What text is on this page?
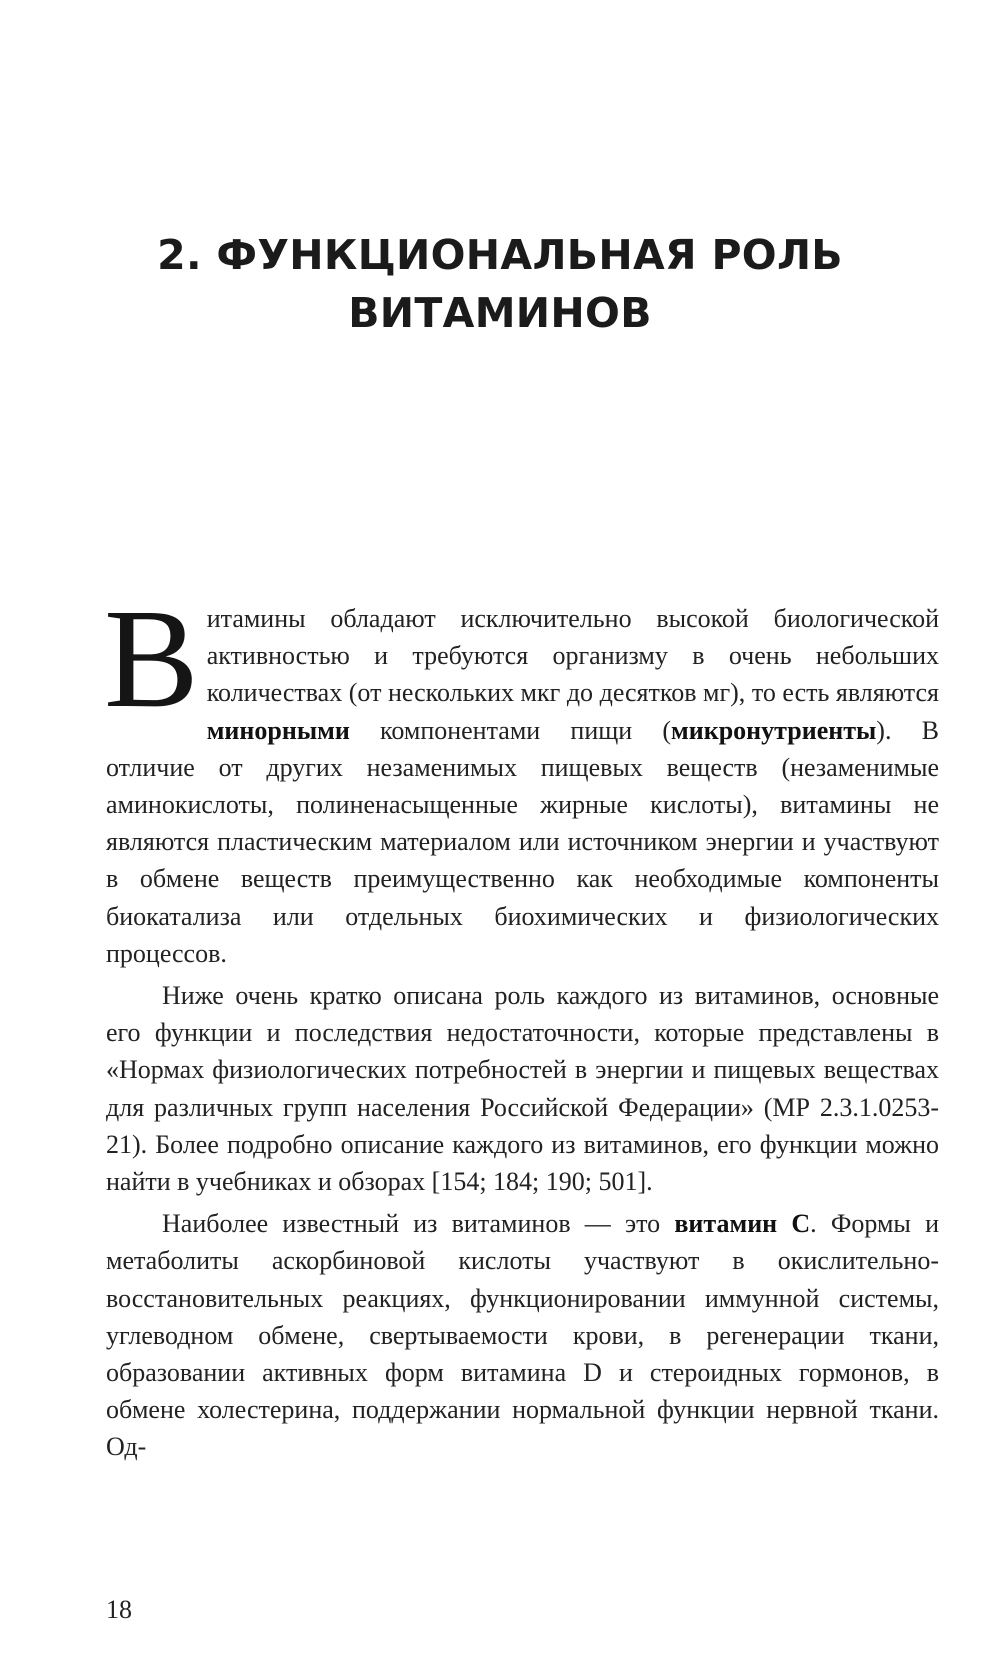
2. ФУНКЦИОНАЛЬНАЯ РОЛЬ
ВИТАМИНОВ

Витамины обладают исключительно высокой биологической активностью и требуются организму в очень небольших количествах (от нескольких мкг до десятков мг), то есть являются минорными компонентами пищи (микронутриенты). В отличие от других незаменимых пищевых веществ (незаменимые аминокислоты, полиненасыщенные жирные кислоты), витамины не являются пластическим материалом или источником энергии и участвуют в обмене веществ преимущественно как необходимые компоненты биокатализа или отдельных биохимических и физиологических процессов.

Ниже очень кратко описана роль каждого из витаминов, основные его функции и последствия недостаточности, которые представлены в «Нормах физиологических потребностей в энергии и пищевых веществах для различных групп населения Российской Федерации» (МР 2.3.1.0253-21). Более подробно описание каждого из витаминов, его функции можно найти в учебниках и обзорах [154; 184; 190; 501].

Наиболее известный из витаминов — это витамин С. Формы и метаболиты аскорбиновой кислоты участвуют в окислительно-восстановительных реакциях, функционировании иммунной системы, углеводном обмене, свертываемости крови, в регенерации ткани, образовании активных форм витамина D и стероидных гормонов, в обмене холестерина, поддержании нормальной функции нервной ткани. Од-

18
